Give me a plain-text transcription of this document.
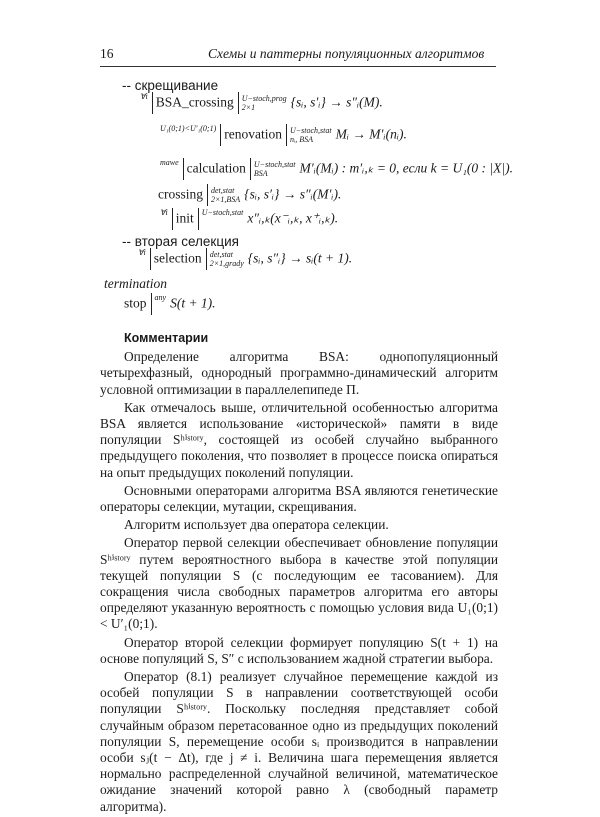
16	Схемы и паттерны популяционных алгоритмов
-- скрещивание
$^{\forall i}$ BSA_crossing U−stoch,prog
2×1	{sᵢ, s′ᵢ} → s″ᵢ(M).
$^{U_1(0;1)<U'_1(0;1)}$ renovation U−stoch,stat
nᵢ, BSA	Mᵢ → M′ᵢ(nᵢ).
$^{mawe}$ calculation U−stoch,stat
BSA	M′ᵢ(Mᵢ) : m′ᵢ,ₖ = 0, если k = U₁(0 : |X|).
crossing det,stat
2×1,BSA {sᵢ, s′ᵢ} → s″ᵢ(M′ᵢ).
$^{\forall i}$ init $^{U-stoch,stat}$ x″ᵢ,ₖ(x⁻ᵢ,ₖ, x⁺ᵢ,ₖ).
-- вторая селекция
$^{\forall i}$ selection det,stat
2×1,grady {sᵢ, s″ᵢ} → sᵢ(t + 1).
termination
stop $^{any}$ S(t + 1).

Комментарии

Определение алгоритма BSA: однопопуляционный четырехфазный, однородный программно-динамический алгоритм условной оптимизации в параллелепипеде П.

Как отмечалось выше, отличительной особенностью алгоритма BSA является использование «исторической» памяти в виде популяции Sʰⁱˢᵗᵒʳʸ, состоящей из особей случайно выбранного предыдущего поколения, что позволяет в процессе поиска опираться на опыт предыдущих поколений популяции.

Основными операторами алгоритма BSA являются генетические операторы селекции, мутации, скрещивания.

Алгоритм использует два оператора селекции.

Оператор первой селекции обеспечивает обновление популяции Sʰⁱˢᵗᵒʳʸ путем вероятностного выбора в качестве этой популяции текущей популяции S (с последующим ее тасованием). Для сокращения числа свободных параметров алгоритма его авторы определяют указанную вероятность с помощью условия вида U₁(0;1) < U′₁(0;1).

Оператор второй селекции формирует популяцию S(t + 1) на основе популяций S, S″ с использованием жадной стратегии выбора.

Оператор (8.1) реализует случайное перемещение каждой из особей популяции S в направлении соответствующей особи популяции Sʰⁱˢᵗᵒʳʸ. Поскольку последняя представляет собой случайным образом перетасованное одно из предыдущих поколений популяции S, перемещение особи sᵢ производится в направлении особи sⱼ(t − Δt), где j ≠ i. Величина шага перемещения является нормально распределенной случайной величиной, математическое ожидание значений которой равно λ (свободный параметр алгоритма).
